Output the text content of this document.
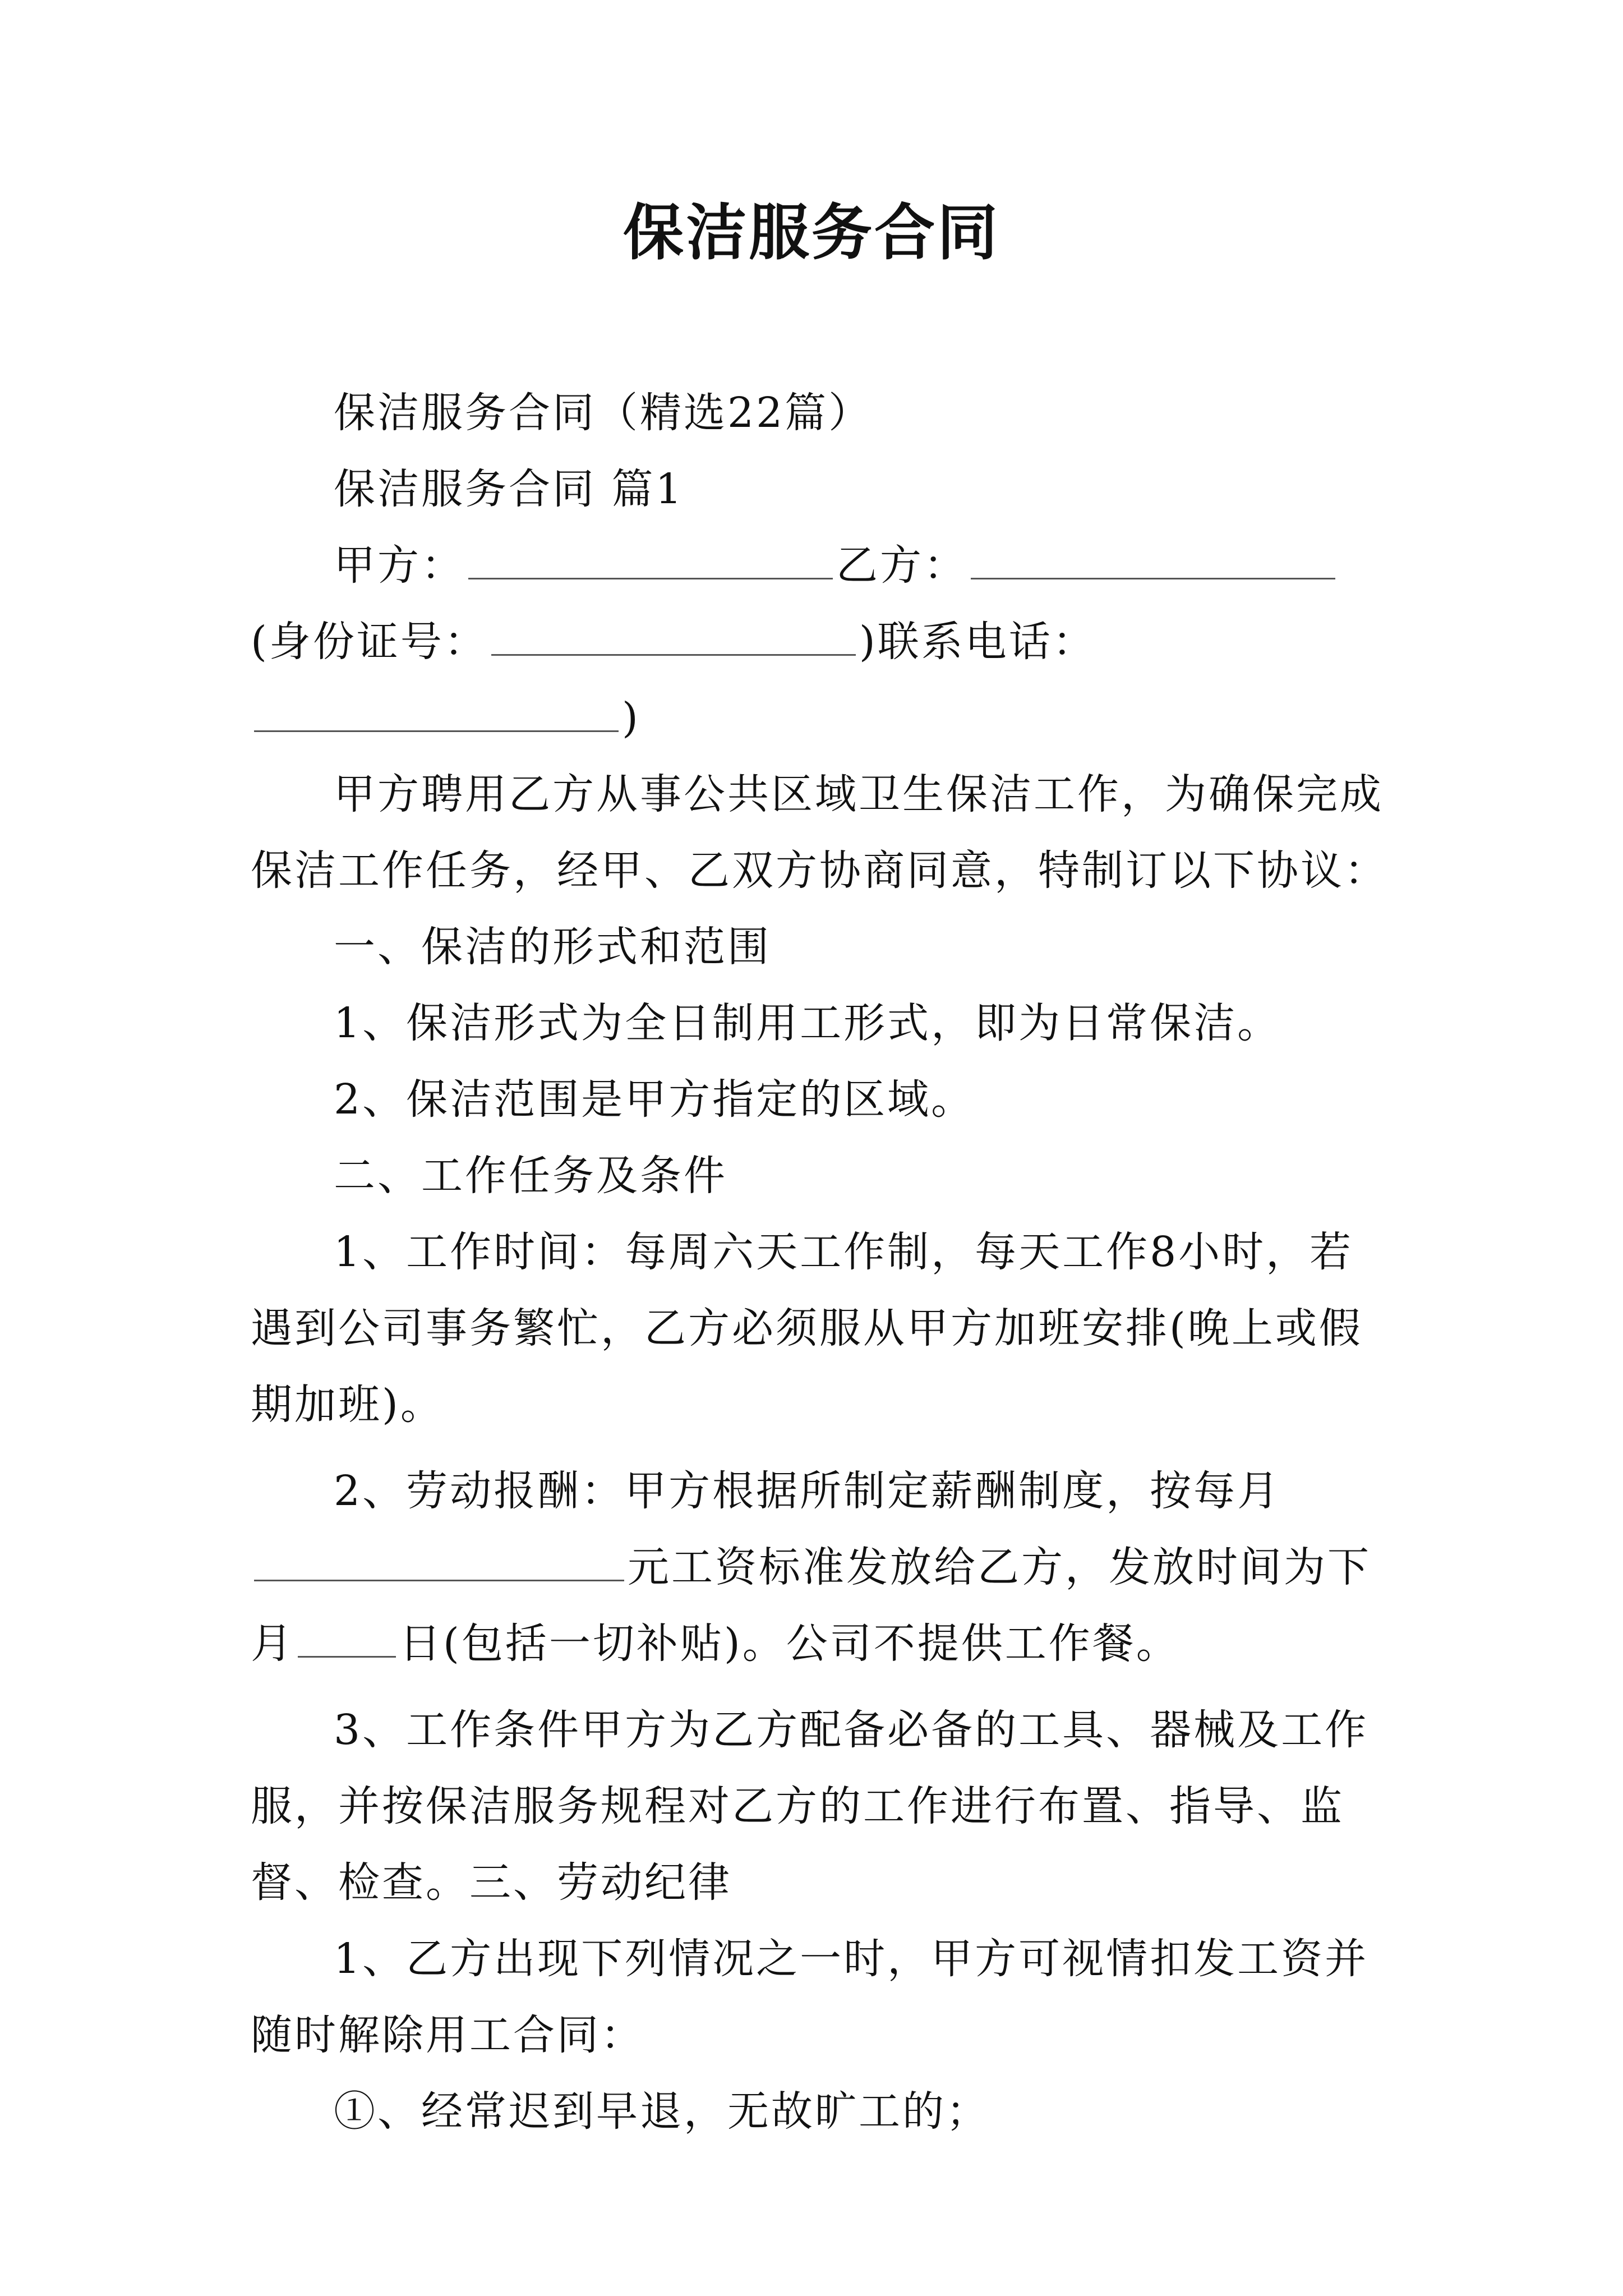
保洁服务合同

保洁服务合同（精选22篇）

保洁服务合同 篇1

甲方：	乙方：(身份证号：	)联系电话：)

甲方聘用乙方从事公共区域卫生保洁工作，为确保完成保洁工作任务，经甲、乙双方协商同意，特制订以下协议：

一、保洁的形式和范围

1、保洁形式为全日制用工形式，即为日常保洁。

2、保洁范围是甲方指定的区域。

二、工作任务及条件

1、工作时间：每周六天工作制，每天工作8小时，若遇到公司事务繁忙，乙方必须服从甲方加班安排(晚上或假期加班)。

2、劳动报酬：甲方根据所制定薪酬制度，按每月元工资标准发放给乙方，发放时间为下月	日(包括一切补贴)。公司不提供工作餐。

3、工作条件甲方为乙方配备必备的工具、器械及工作服，并按保洁服务规程对乙方的工作进行布置、指导、监督、检查。三、劳动纪律

1、乙方出现下列情况之一时，甲方可视情扣发工资并随时解除用工合同：

①、经常迟到早退，无故旷工的；
